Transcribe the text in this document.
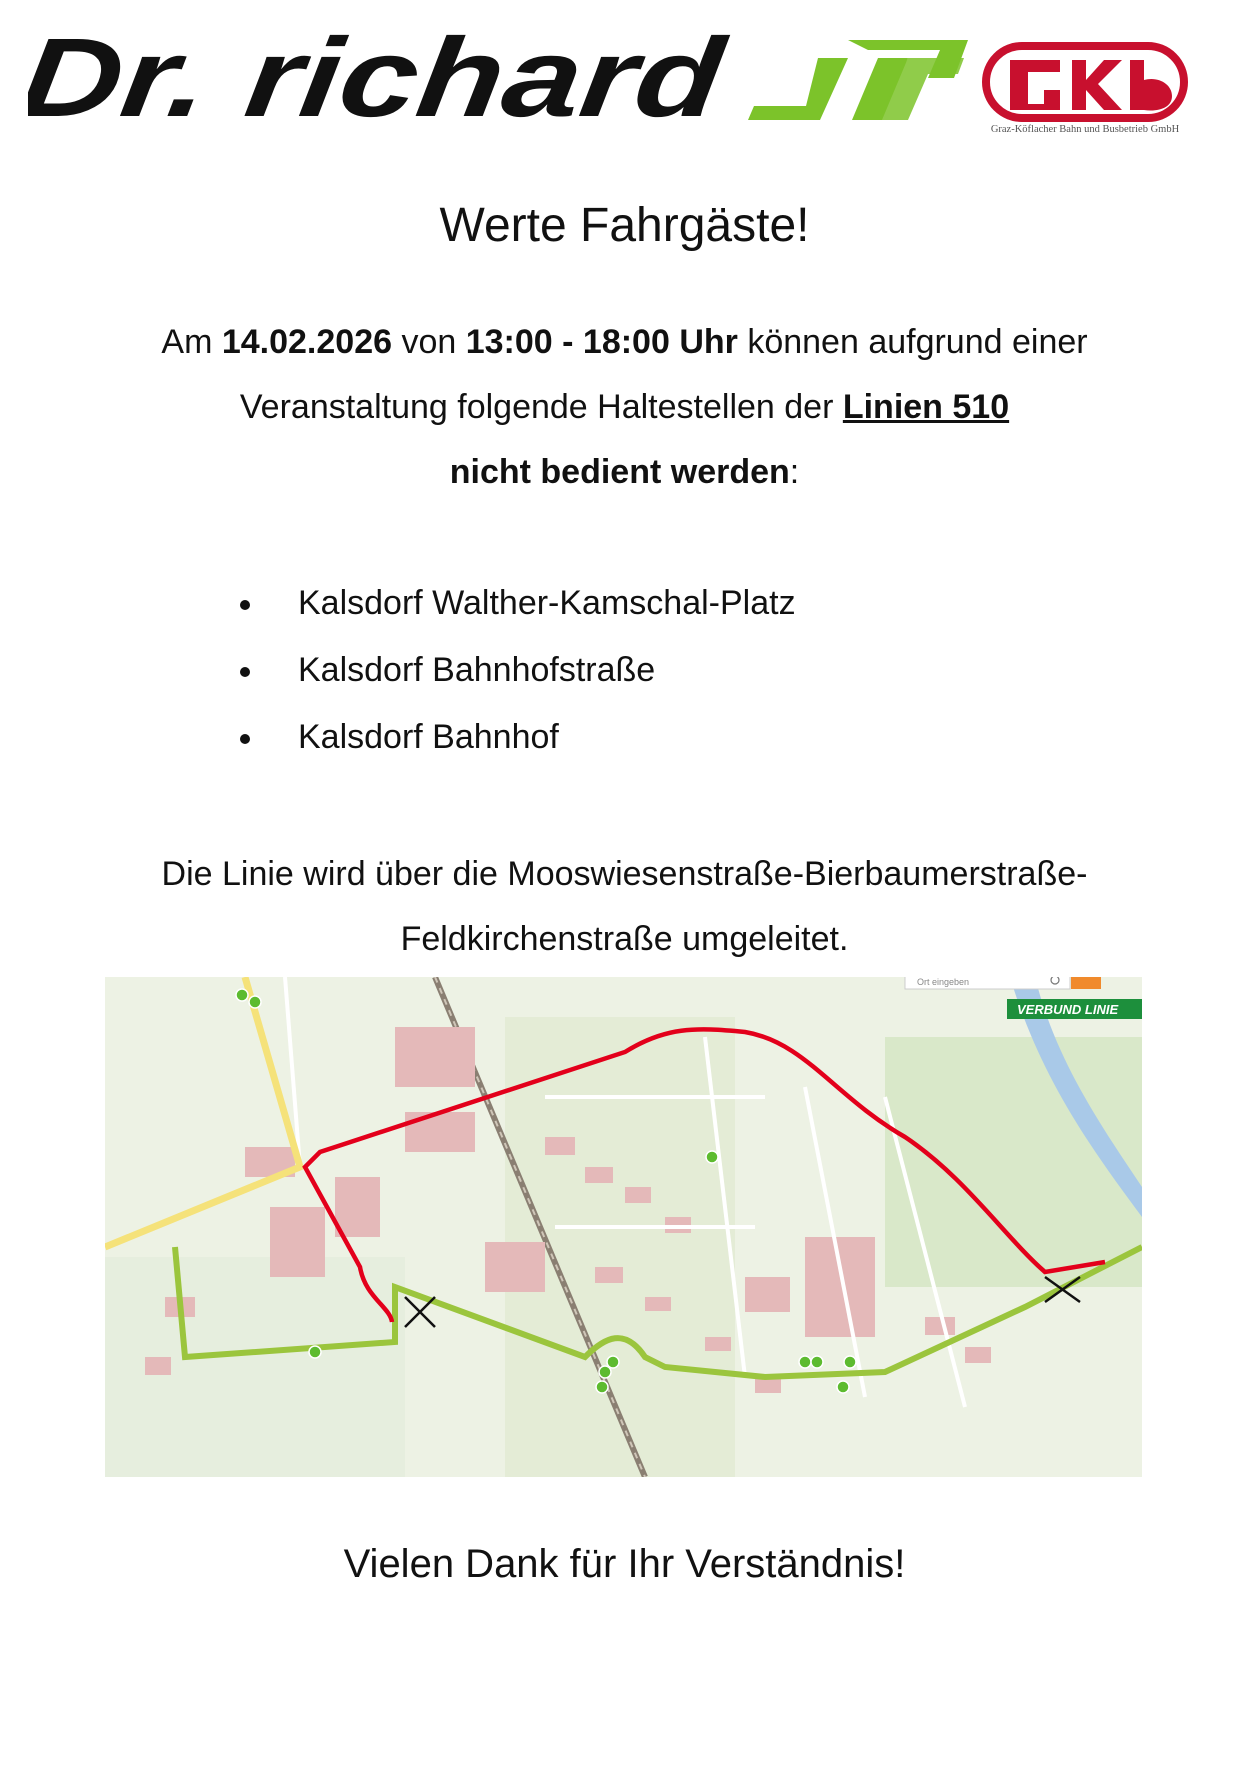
Dr. richard	Graz-Köflacher Bahn und Busbetrieb GmbH
Werte Fahrgäste!
Am 14.02.2026 von 13:00 - 18:00 Uhr können aufgrund einer
Veranstaltung folgende Haltestellen der Linien 510
nicht bedient werden:
Kalsdorf Walther-Kamschal-Platz
Kalsdorf Bahnhofstraße
Kalsdorf Bahnhof
Die Linie wird über die Mooswiesenstraße-Bierbaumerstraße-
Feldkirchenstraße umgeleitet.
Ort eingeben
VERBUND LINIE
Vielen Dank für Ihr Verständnis!
